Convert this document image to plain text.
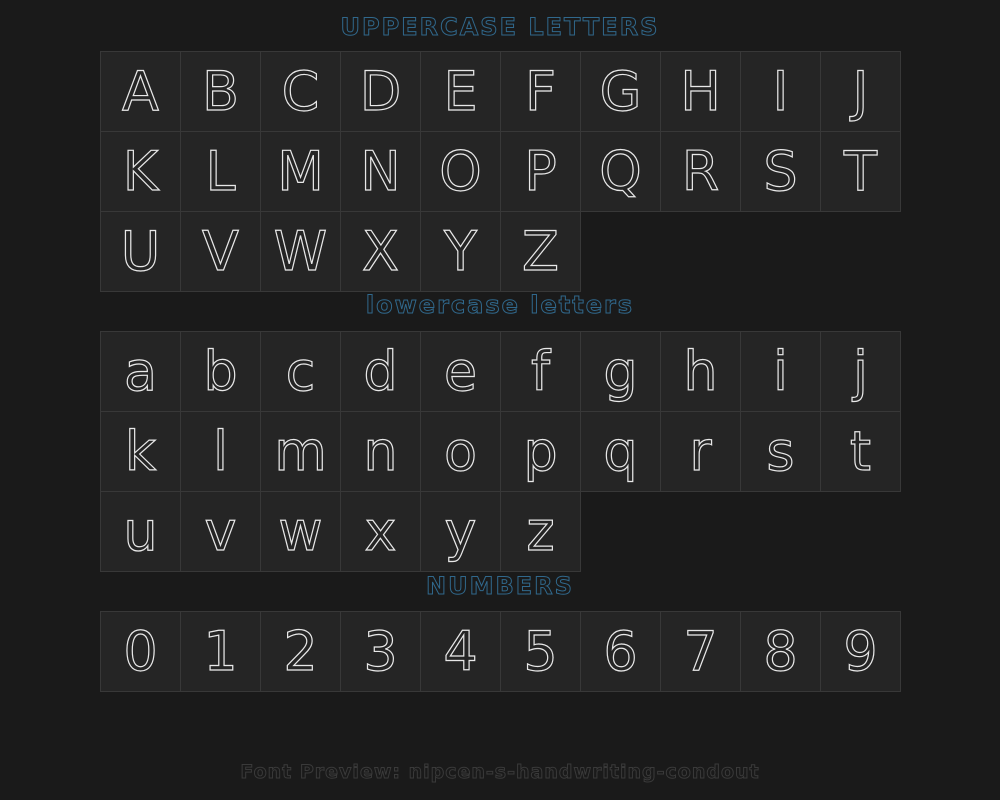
UPPERCASE LETTERS
A B C D E F G H I J
K L M N O P Q R S T
U V W X Y Z
lowercase letters
a b c d e f g h i j
k l m n o p q r s t
u v w x y z
NUMBERS
0 1 2 3 4 5 6 7 8 9
Font Preview: nipcen-s-handwriting-condout
